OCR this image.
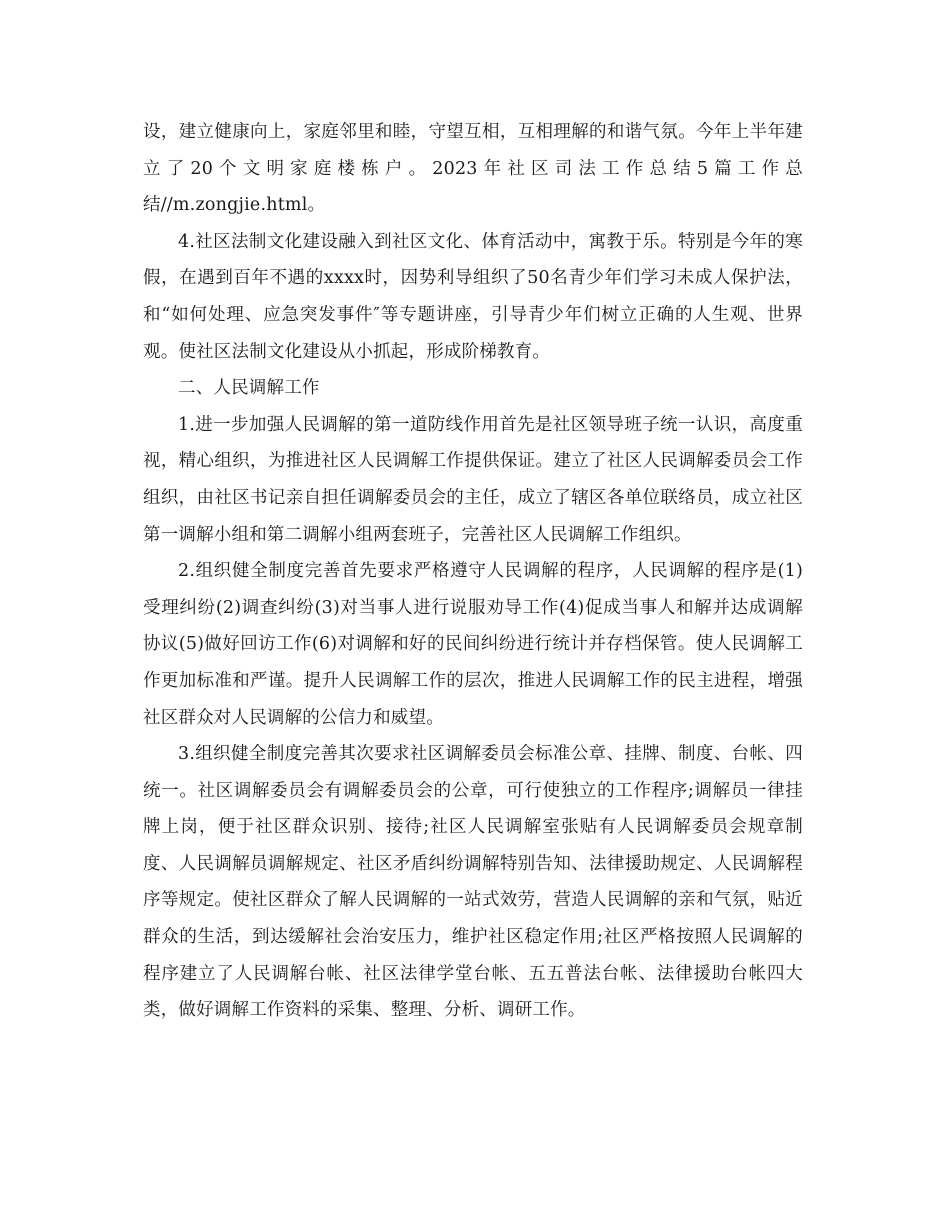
设，建立健康向上，家庭邻里和睦，守望互相，互相理解的和谐气氛。今年上半年建立了20个文明家庭楼栋户。2023年社区司法工作总结5篇工作总结//m.zongjie.html。

4.社区法制文化建设融入到社区文化、体育活动中，寓教于乐。特别是今年的寒假，在遇到百年不遇的xxxx时，因势利导组织了50名青少年们学习未成人保护法，和“如何处理、应急突发事件″等专题讲座，引导青少年们树立正确的人生观、世界观。使社区法制文化建设从小抓起，形成阶梯教育。

二、人民调解工作

1.进一步加强人民调解的第一道防线作用首先是社区领导班子统一认识，高度重视，精心组织，为推进社区人民调解工作提供保证。建立了社区人民调解委员会工作组织，由社区书记亲自担任调解委员会的主任，成立了辖区各单位联络员，成立社区第一调解小组和第二调解小组两套班子，完善社区人民调解工作组织。

2.组织健全制度完善首先要求严格遵守人民调解的程序，人民调解的程序是(1)受理纠纷(2)调查纠纷(3)对当事人进行说服劝导工作(4)促成当事人和解并达成调解协议(5)做好回访工作(6)对调解和好的民间纠纷进行统计并存档保管。使人民调解工作更加标准和严谨。提升人民调解工作的层次，推进人民调解工作的民主进程，增强社区群众对人民调解的公信力和威望。

3.组织健全制度完善其次要求社区调解委员会标准公章、挂牌、制度、台帐、四统一。社区调解委员会有调解委员会的公章，可行使独立的工作程序;调解员一律挂牌上岗，便于社区群众识别、接待;社区人民调解室张贴有人民调解委员会规章制度、人民调解员调解规定、社区矛盾纠纷调解特别告知、法律援助规定、人民调解程序等规定。使社区群众了解人民调解的一站式效劳，营造人民调解的亲和气氛，贴近群众的生活，到达缓解社会治安压力，维护社区稳定作用;社区严格按照人民调解的程序建立了人民调解台帐、社区法律学堂台帐、五五普法台帐、法律援助台帐四大类，做好调解工作资料的采集、整理、分析、调研工作。
